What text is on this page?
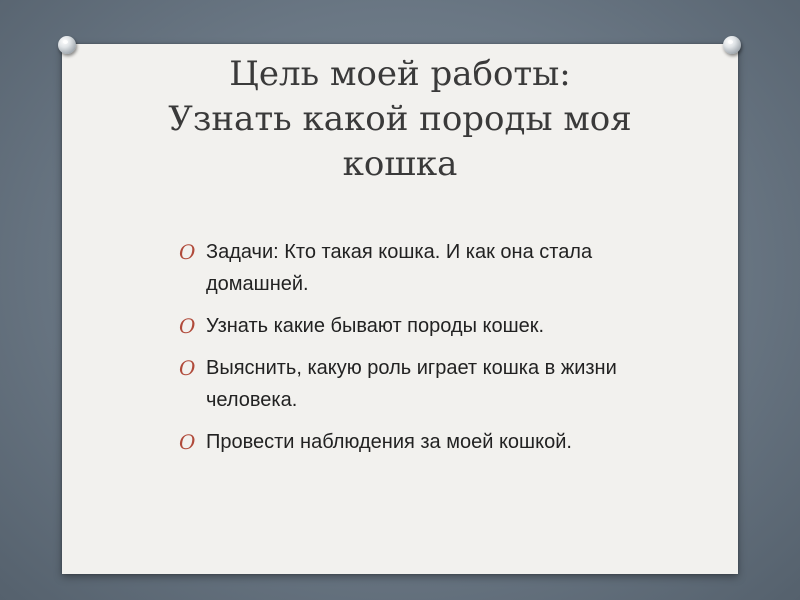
Цель моей работы:
Узнать какой породы моя
кошка
O Задачи: Кто такая кошка. И как она стала домашней.
O Узнать какие бывают породы кошек.
O Выяснить, какую роль играет кошка в жизни человека.
O Провести наблюдения за моей кошкой.
